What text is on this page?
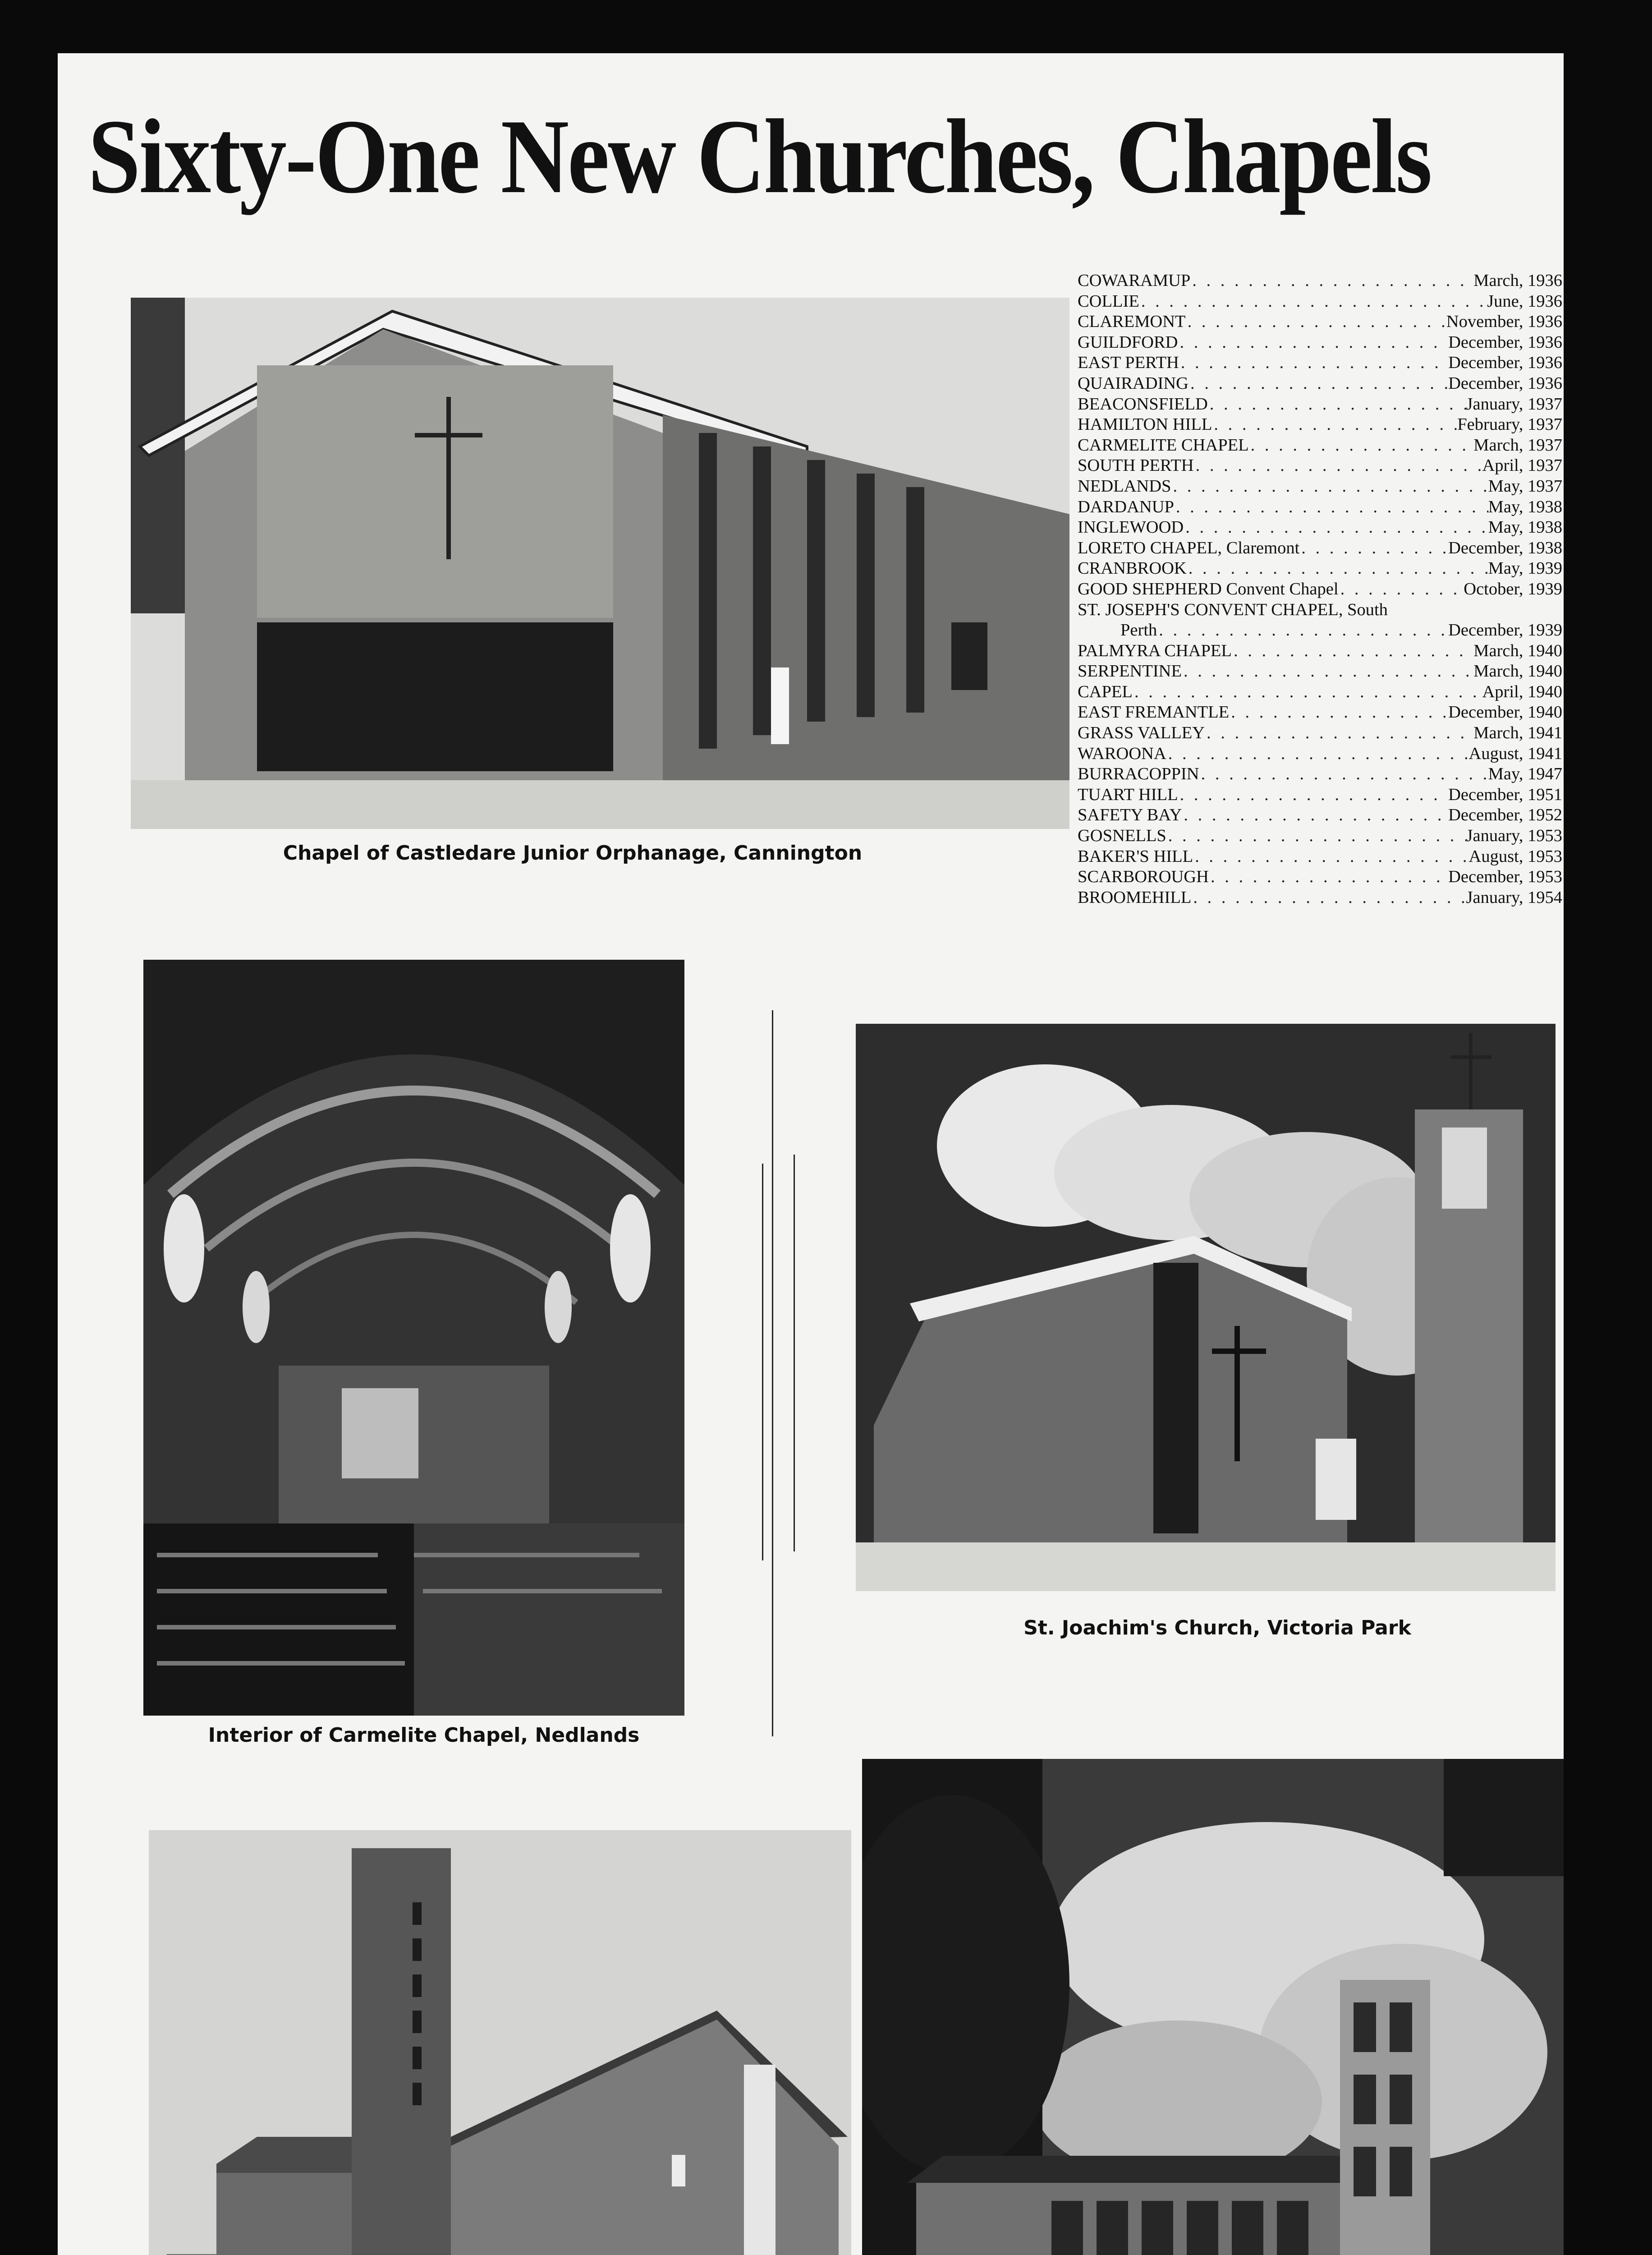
Sixty-One New Churches, Chapels
Chapel of Castledare Junior Orphanage, Cannington
Interior of Carmelite Chapel, Nedlands
St. Joachim's Church, Victoria Park
COWARAMUP . . .	March, 1936
COLLIE . . .	June, 1936
CLAREMONT . . .	November, 1936
GUILDFORD . . .	December, 1936
EAST PERTH . . .	December, 1936
QUAIRADING . . .	December, 1936
BEACONSFIELD . . .	January, 1937
HAMILTON HILL . . .	February, 1937
CARMELITE CHAPEL . . .	March, 1937
SOUTH PERTH . . .	April, 1937
NEDLANDS . . .	May, 1937
DARDANUP . . .	May, 1938
INGLEWOOD . . .	May, 1938
LORETO CHAPEL, Claremont . . .	December, 1938
CRANBROOK . . .	May, 1939
GOOD SHEPHERD Convent Chapel . . .	October, 1939
ST. JOSEPH'S CONVENT CHAPEL, South
Perth . . .	December, 1939
PALMYRA CHAPEL . . .	March, 1940
SERPENTINE . . .	March, 1940
CAPEL . . .	April, 1940
EAST FREMANTLE . . .	December, 1940
GRASS VALLEY . . .	March, 1941
WAROONA . . .	August, 1941
BURRACOPPIN . . .	May, 1947
TUART HILL . . .	December, 1951
SAFETY BAY . . .	December, 1952
GOSNELLS . . .	January, 1953
BAKER'S HILL . . .	August, 1953
SCARBOROUGH . . .	December, 1953
BROOMEHILL . . .	January, 1954
